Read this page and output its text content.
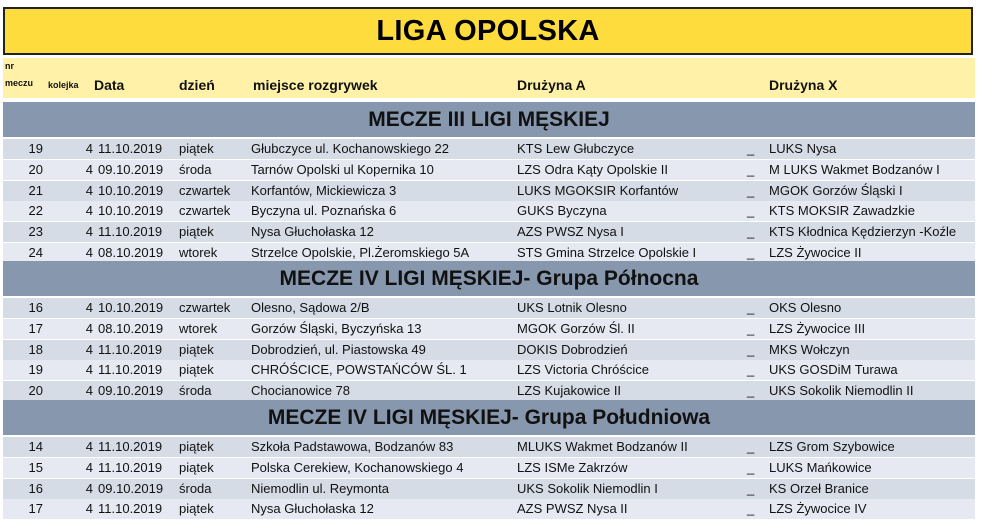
LIGA OPOLSKA
nr
meczu kolejka Data	dzień	miejsce rozgrywek	Drużyna A	Drużyna X
MECZE III LIGI MĘSKIEJ
19	4 11.10.2019 piątek	Głubczyce ul. Kochanowskiego 22	KTS Lew Głubczyce	_ LUKS Nysa
20	4 09.10.2019 środa	Tarnów Opolski ul Kopernika 10	LZS Odra Kąty Opolskie II	_ M LUKS Wakmet Bodzanów I
21	4 10.10.2019 czwartek Korfantów, Mickiewicza 3	LUKS MGOKSIR Korfantów	_ MGOK Gorzów Śląski I
22	4 10.10.2019 czwartek Byczyna ul. Poznańska 6	GUKS Byczyna	_ KTS MOKSIR Zawadzkie
23	4 11.10.2019 piątek	Nysa Głuchołaska 12	AZS PWSZ Nysa I	_ KTS Kłodnica Kędzierzyn -Koźle
24	4 08.10.2019 wtorek	Strzelce Opolskie, Pl.Żeromskiego 5A	STS Gmina Strzelce Opolskie I	_ LZS Żywocice II
MECZE IV LIGI MĘSKIEJ- Grupa Północna
16	4 10.10.2019 czwartek Olesno, Sądowa 2/B	UKS Lotnik Olesno	_ OKS Olesno
17	4 08.10.2019 wtorek	Gorzów Śląski, Byczyńska 13	MGOK Gorzów Śl. II	_ LZS Żywocice III
18	4 11.10.2019 piątek	Dobrodzień, ul. Piastowska 49	DOKIS Dobrodzień	_ MKS Wołczyn
19	4 11.10.2019 piątek	CHRÓŚCICE, POWSTAŃCÓW ŚL. 1	LZS Victoria Chróścice	_ UKS GOSDiM Turawa
20	4 09.10.2019 środa	Chocianowice 78	LZS Kujakowice II	_ UKS Sokolik Niemodlin II
MECZE IV LIGI MĘSKIEJ- Grupa Południowa
14	4 11.10.2019 piątek	Szkoła Padstawowa, Bodzanów 83	MLUKS Wakmet Bodzanów II	_ LZS Grom Szybowice
15	4 11.10.2019 piątek	Polska Cerekiew, Kochanowskiego 4	LZS ISMe Zakrzów	_ LUKS Mańkowice
16	4 09.10.2019 środa	Niemodlin ul. Reymonta	UKS Sokolik Niemodlin I	_ KS Orzeł Branice
17	4 11.10.2019 piątek	Nysa Głuchołaska 12	AZS PWSZ Nysa II	_ LZS Żywocice IV
